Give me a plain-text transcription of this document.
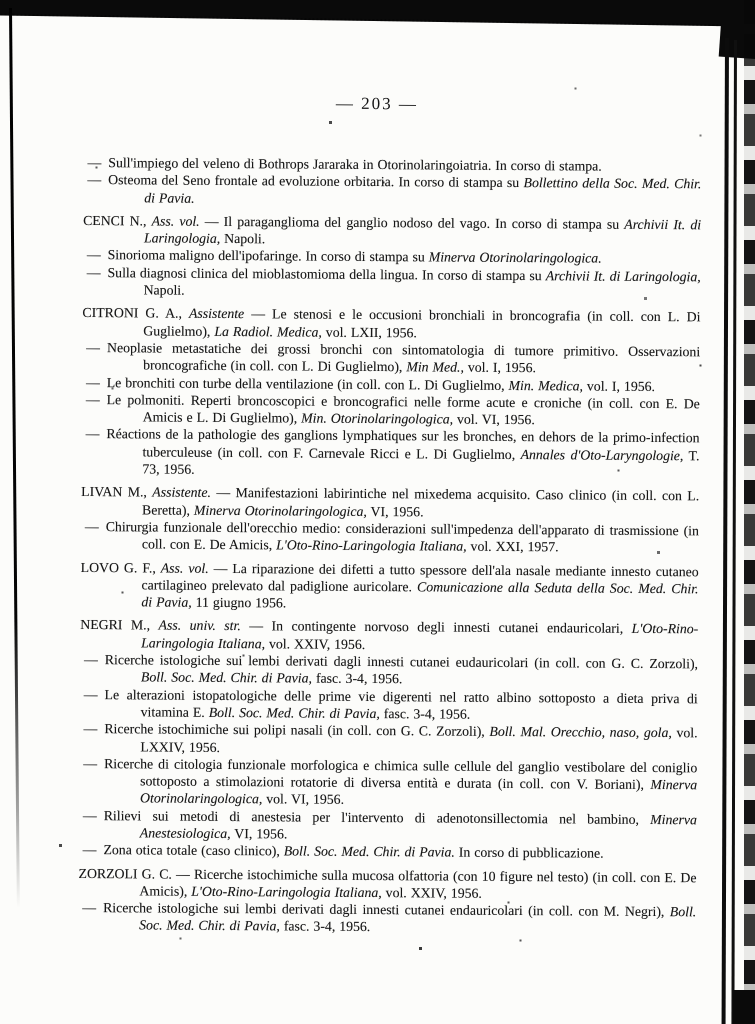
— 203 —

— Sull'impiego del veleno di Bothrops Jararaka in Otorinolaringoiatria. In corso di stampa.

— Osteoma del Seno frontale ad evoluzione orbitaria. In corso di stampa su Bollettino della Soc. Med. Chir. di Pavia.

CENCI N., Ass. vol. — Il paraganglioma del ganglio nodoso del vago. In corso di stampa su Archivii It. di Laringologia, Napoli.

— Sinorioma maligno dell'ipofaringe. In corso di stampa su Minerva Otorinolaringologica.

— Sulla diagnosi clinica del mioblastomioma della lingua. In corso di stampa su Archivii It. di Laringologia, Napoli.

CITRONI G. A., Assistente — Le stenosi e le occusioni bronchiali in broncografia (in coll. con L. Di Guglielmo), La Radiol. Medica, vol. LXII, 1956.

— Neoplasie metastatiche dei grossi bronchi con sintomatologia di tumore primitivo. Osservazioni broncografiche (in coll. con L. Di Guglielmo), Min Med., vol. I, 1956.

— Le bronchiti con turbe della ventilazione (in coll. con L. Di Guglielmo, Min. Medica, vol. I, 1956.

— Le polmoniti. Reperti broncoscopici e broncografici nelle forme acute e croniche (in coll. con E. De Amicis e L. Di Guglielmo), Min. Otorinolaringologica, vol. VI, 1956.

— Réactions de la pathologie des ganglions lymphatiques sur les bronches, en dehors de la primo-infection tuberculeuse (in coll. con F. Carnevale Ricci e L. Di Guglielmo, Annales d'Oto-Laryngologie, T. 73, 1956.

LIVAN M., Assistente. — Manifestazioni labirintiche nel mixedema acquisito. Caso clinico (in coll. con L. Beretta), Minerva Otorinolaringologica, VI, 1956.

— Chirurgia funzionale dell'orecchio medio: considerazioni sull'impedenza dell'apparato di trasmissione (in coll. con E. De Amicis, L'Oto-Rino-Laringologia Italiana, vol. XXI, 1957.

LOVO G. F., Ass. vol. — La riparazione dei difetti a tutto spessore dell'ala nasale mediante innesto cutaneo cartilagineo prelevato dal padiglione auricolare. Comunicazione alla Seduta della Soc. Med. Chir. di Pavia, 11 giugno 1956.

NEGRI M., Ass. univ. str. — In contingente norvoso degli innesti cutanei endauricolari, L'Oto-Rino-Laringologia Italiana, vol. XXIV, 1956.

— Ricerche istologiche sui lembi derivati dagli innesti cutanei eudauricolari (in coll. con G. C. Zorzoli), Boll. Soc. Med. Chir. di Pavia, fasc. 3-4, 1956.

— Le alterazioni istopatologiche delle prime vie digerenti nel ratto albino sottoposto a dieta priva di vitamina E. Boll. Soc. Med. Chir. di Pavia, fasc. 3-4, 1956.

— Ricerche istochimiche sui polipi nasali (in coll. con G. C. Zorzoli), Boll. Mal. Orecchio, naso, gola, vol. LXXIV, 1956.

— Ricerche di citologia funzionale morfologica e chimica sulle cellule del ganglio vestibolare del coniglio sottoposto a stimolazioni rotatorie di diversa entità e durata (in coll. con V. Boriani), Minerva Otorinolaringologica, vol. VI, 1956.

— Rilievi sui metodi di anestesia per l'intervento di adenotonsillectomia nel bambino, Minerva Anestesiologica, VI, 1956.

— Zona otica totale (caso clinico), Boll. Soc. Med. Chir. di Pavia. In corso di pubblicazione.

ZORZOLI G. C. — Ricerche istochimiche sulla mucosa olfattoria (con 10 figure nel testo) (in coll. con E. De Amicis), L'Oto-Rino-Laringologia Italiana, vol. XXIV, 1956.

— Ricerche istologiche sui lembi derivati dagli innesti cutanei endauricolari (in coll. con M. Negri), Boll. Soc. Med. Chir. di Pavia, fasc. 3-4, 1956.
